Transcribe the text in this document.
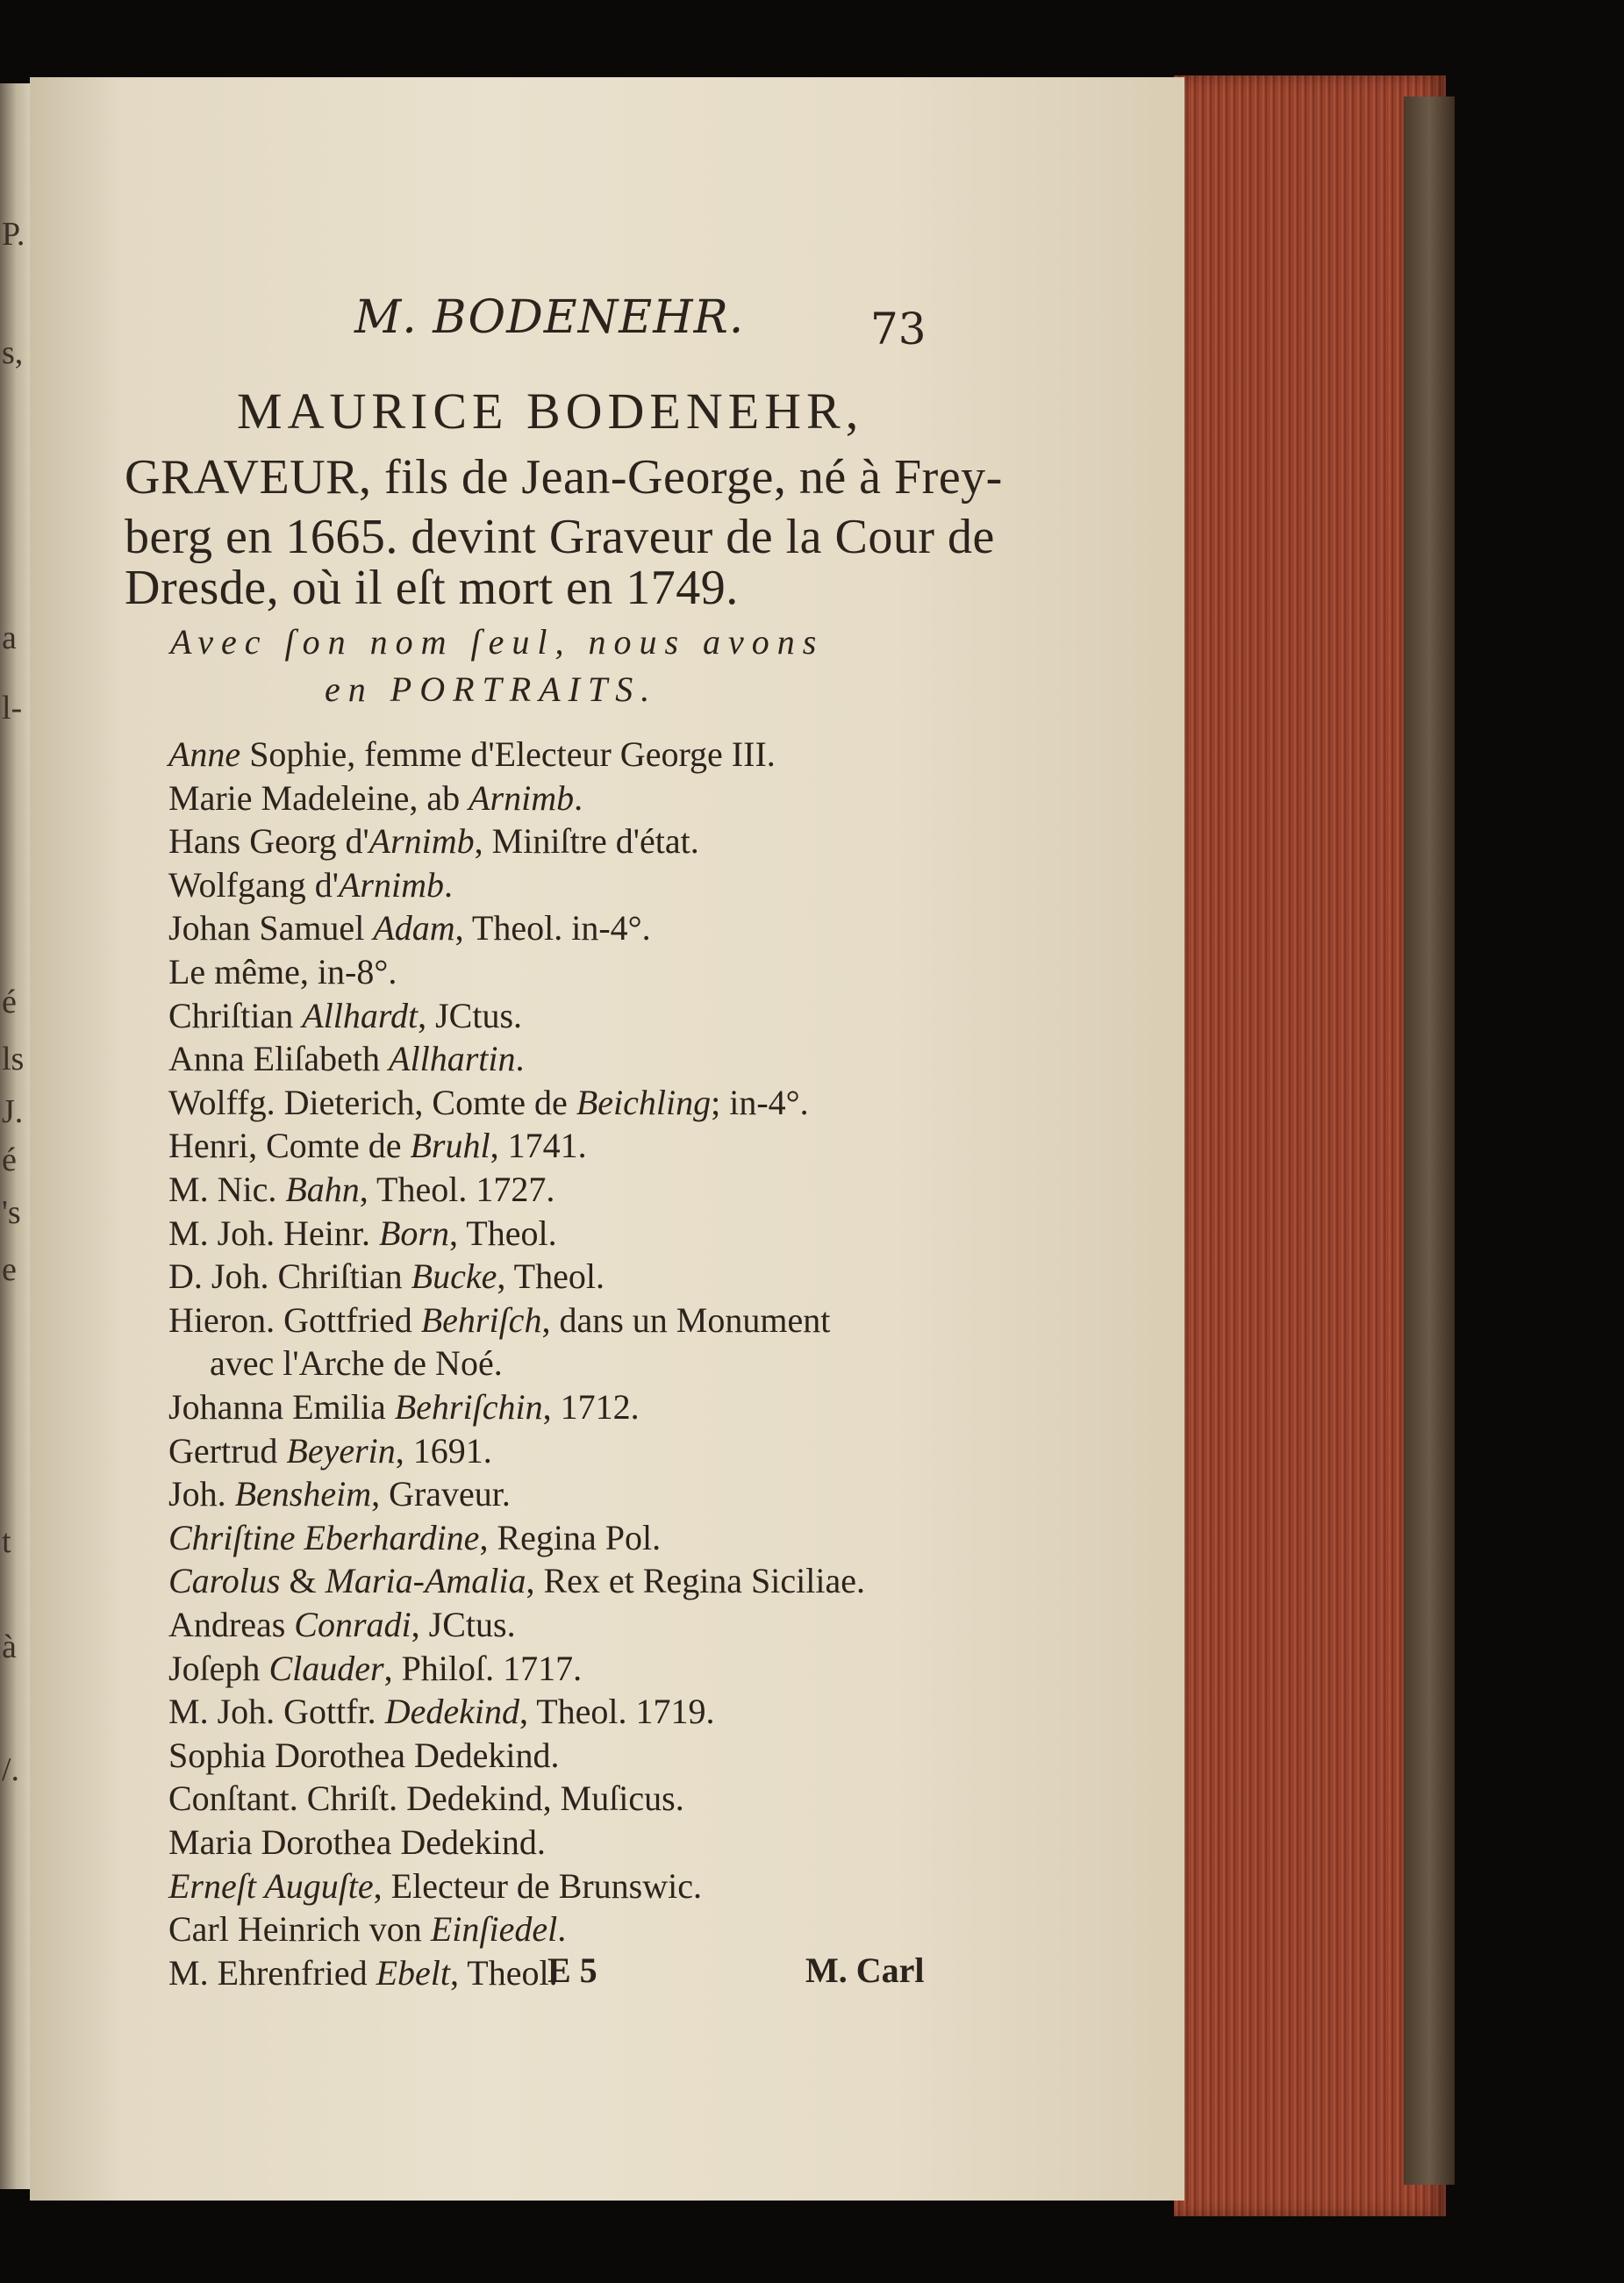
P.
s,
a
l-
é
ls
J.
é
's
e
t
à
/.
M. BODENEHR.	73
MAURICE BODENEHR,
GRAVEUR, fils de Jean-George, né à Frey-
berg en 1665. devint Graveur de la Cour de
Dresde, où il eſt mort en 1749.
Avec ſon nom ſeul, nous avons
en PORTRAITS.
Anne Sophie, femme d'Electeur George III.
Marie Madeleine, ab Arnimb.
Hans Georg d'Arnimb, Miniſtre d'état.
Wolfgang d'Arnimb.
Johan Samuel Adam, Theol. in-4°.
Le même, in-8°.
Chriſtian Allhardt, JCtus.
Anna Eliſabeth Allhartin.
Wolffg. Dieterich, Comte de Beichling; in-4°.
Henri, Comte de Bruhl, 1741.
M. Nic. Bahn, Theol. 1727.
M. Joh. Heinr. Born, Theol.
D. Joh. Chriſtian Bucke, Theol.
Hieron. Gottfried Behriſch, dans un Monument
avec l'Arche de Noé.
Johanna Emilia Behriſchin, 1712.
Gertrud Beyerin, 1691.
Joh. Bensheim, Graveur.
Chriſtine Eberhardine, Regina Pol.
Carolus & Maria-Amalia, Rex et Regina Siciliae.
Andreas Conradi, JCtus.
Joſeph Clauder, Philoſ. 1717.
M. Joh. Gottfr. Dedekind, Theol. 1719.
Sophia Dorothea Dedekind.
Conſtant. Chriſt. Dedekind, Muſicus.
Maria Dorothea Dedekind.
Erneſt Auguſte, Electeur de Brunswic.
Carl Heinrich von Einſiedel.
M. Ehrenfried Ebelt, Theol.
E 5	M. Carl
